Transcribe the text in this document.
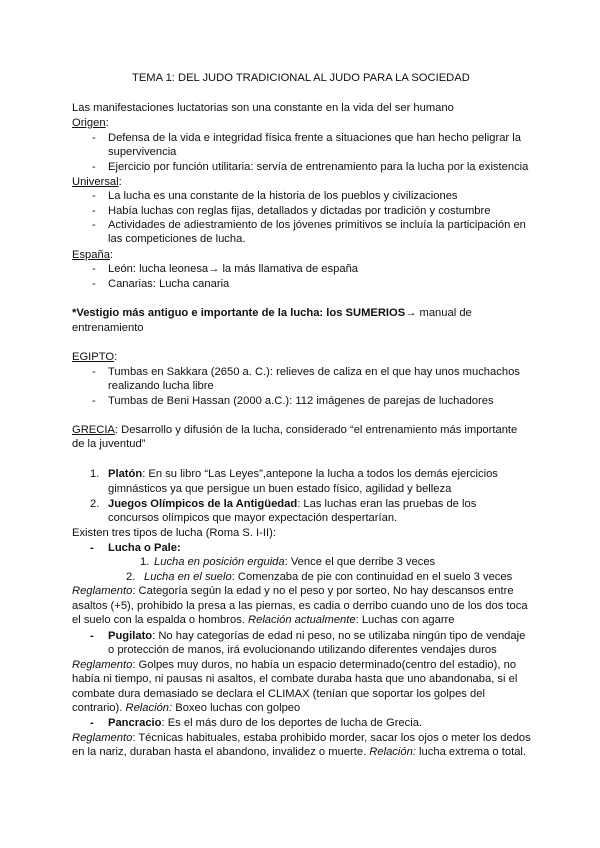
TEMA 1: DEL JUDO TRADICIONAL AL JUDO PARA LA SOCIEDAD
Las manifestaciones luctatorias son una constante en la vida del ser humano
Origen:
- Defensa de la vida e integridad física frente a situaciones que han hecho peligrar la
supervivencia
- Ejercicio por función utilitaria: servía de entrenamiento para la lucha por la existencia
Universal:
- La lucha es una constante de la historia de los pueblos y civilizaciones
- Había luchas con reglas fijas, detallados y dictadas por tradición y costumbre
- Actividades de adiestramiento de los jóvenes primitivos se incluía la participación en
las competiciones de lucha.
España:
- León: lucha leonesa→ la más llamativa de españa
- Canarias: Lucha canaria
*Vestigio más antiguo e importante de la lucha: los SUMERIOS→ manual de
entrenamiento
EGIPTO:
- Tumbas en Sakkara (2650 a. C.): relieves de caliza en el que hay unos muchachos
realizando lucha libre
- Tumbas de Beni Hassan (2000 a.C.): 112 imágenes de parejas de luchadores
GRECIA: Desarrollo y difusión de la lucha, considerado “el entrenamiento más importante
de la juventud”
1. Platón: En su libro “Las Leyes”,antepone la lucha a todos los demás ejercicios
gimnásticos ya que persigue un buen estado físico, agilidad y belleza
2. Juegos Olímpicos de la Antigüedad: Las luchas eran las pruebas de los
concursos olímpicos que mayor expectación despertarían.
Existen tres tipos de lucha (Roma S. I-II):
- Lucha o Pale:
1. Lucha en posición erguida: Vence el que derribe 3 veces
2. Lucha en el suelo: Comenzaba de pie con continuidad en el suelo 3 veces
Reglamento: Categoría según la edad y no el peso y por sorteo, No hay descansos entre
asaltos (+5), prohibido la presa a las piernas, es cadia o derribo cuando uno de los dos toca
el suelo con la espalda o hombros. Relación actualmente: Luchas con agarre
- Pugilato: No hay categorías de edad ni peso, no se utilizaba ningún tipo de vendaje
o protección de manos, irá evolucionando utilizando diferentes vendajes duros
Reglamento: Golpes muy duros, no había un espacio determinado(centro del estadio), no
había ni tiempo, ni pausas ni asaltos, el combate duraba hasta que uno abandonaba, si el
combate dura demasiado se declara el CLIMAX (tenían que soportar los golpes del
contrario). Relación: Boxeo luchas con golpeo
- Pancracio: Es el más duro de los deportes de lucha de Grecia.
Reglamento: Técnicas habituales, estaba prohibido morder, sacar los ojos o meter los dedos
en la nariz, duraban hasta el abandono, invalidez o muerte. Relación: lucha extrema o total.
